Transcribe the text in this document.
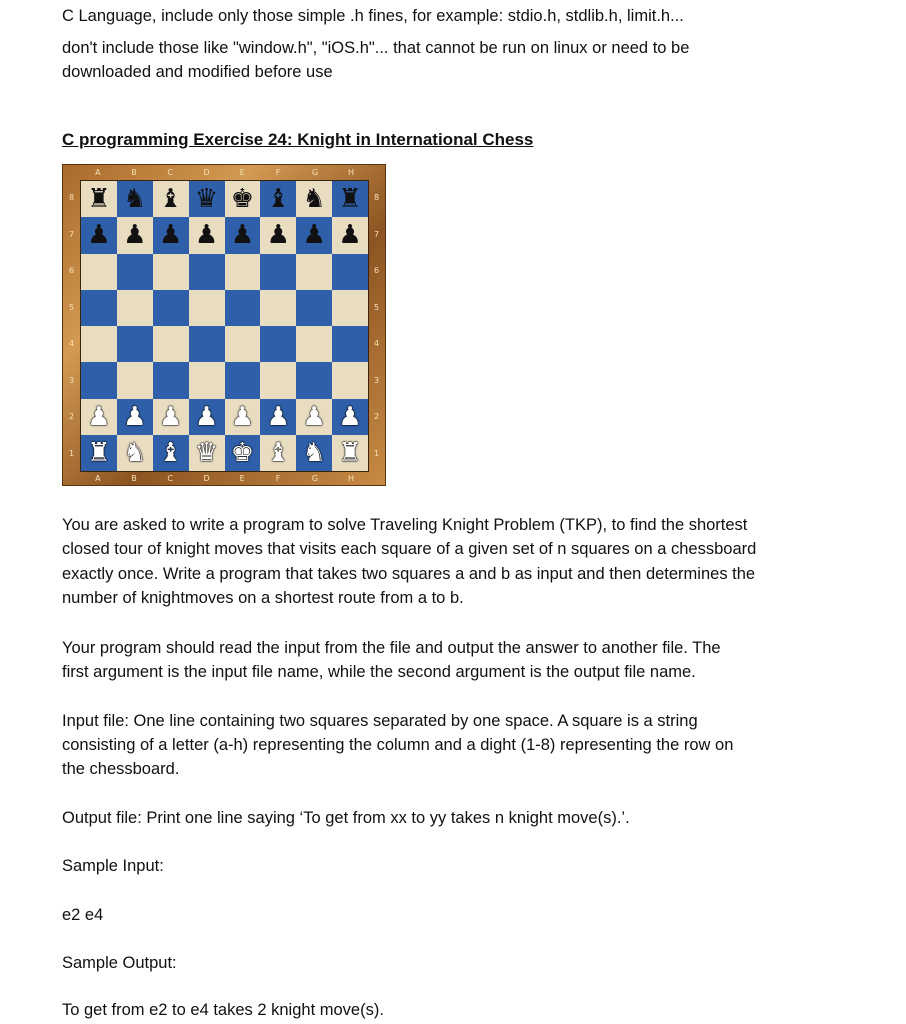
C Language, include only those simple .h fines, for example: stdio.h, stdlib.h, limit.h...

don't include those like "window.h", "iOS.h"... that cannot be run on linux or need to be

downloaded and modified before use

C programming Exercise 24: Knight in International Chess
A
A
B
B
C
C
D
D
E
E
F
F
G
G
H
H
8	8
7	7
6	6
5	5
4	4
3	3
2	2
1	1
♜ ♞ ♝ ♛ ♚ ♝ ♞ ♜
♟ ♟ ♟ ♟ ♟ ♟ ♟ ♟
♟ ♟ ♟ ♟ ♟ ♟ ♟ ♟
♜ ♞ ♝ ♛ ♚ ♝ ♞ ♜

You are asked to write a program to solve Traveling Knight Problem (TKP), to find the shortest

closed tour of knight moves that visits each square of a given set of n squares on a chessboard

exactly once. Write a program that takes two squares a and b as input and then determines the

number of knightmoves on a shortest route from a to b.

Your program should read the input from the file and output the answer to another file. The

first argument is the input file name, while the second argument is the output file name.

Input file: One line containing two squares separated by one space. A square is a string

consisting of a letter (a-h) representing the column and a dight (1-8) representing the row on

the chessboard.

Output file: Print one line saying ‘To get from xx to yy takes n knight move(s).’.

Sample Input:

e2 e4

Sample Output:

To get from e2 to e4 takes 2 knight move(s).
